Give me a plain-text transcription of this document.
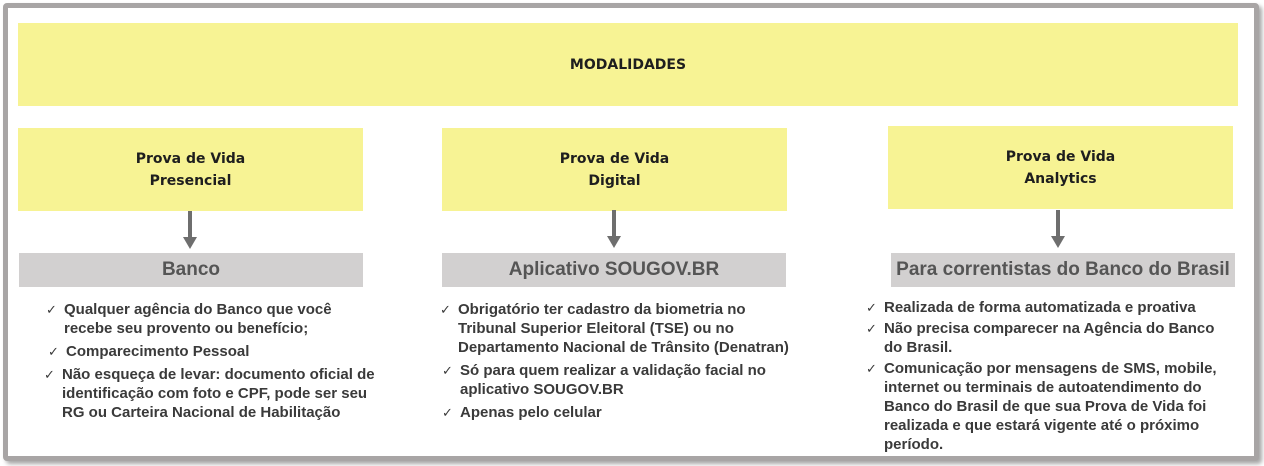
MODALIDADES
Prova de Vida
Presencial
Banco
✓ Qualquer agência do Banco que você recebe seu provento ou benefício;
✓ Comparecimento Pessoal
✓ Não esqueça de levar: documento oficial de identificação com foto e CPF, pode ser seu RG ou Carteira Nacional de Habilitação
Prova de Vida
Digital
Aplicativo SOUGOV.BR
✓ Obrigatório ter cadastro da biometria no Tribunal Superior Eleitoral (TSE) ou no Departamento Nacional de Trânsito (Denatran)
✓ Só para quem realizar a validação facial no aplicativo SOUGOV.BR
✓ Apenas pelo celular
Prova de Vida
Analytics
Para correntistas do Banco do Brasil
✓ Realizada de forma automatizada e proativa
✓ Não precisa comparecer na Agência do Banco do Brasil.
✓ Comunicação por mensagens de SMS, mobile, internet ou terminais de autoatendimento do Banco do Brasil de que sua Prova de Vida foi realizada e que estará vigente até o próximo período.
